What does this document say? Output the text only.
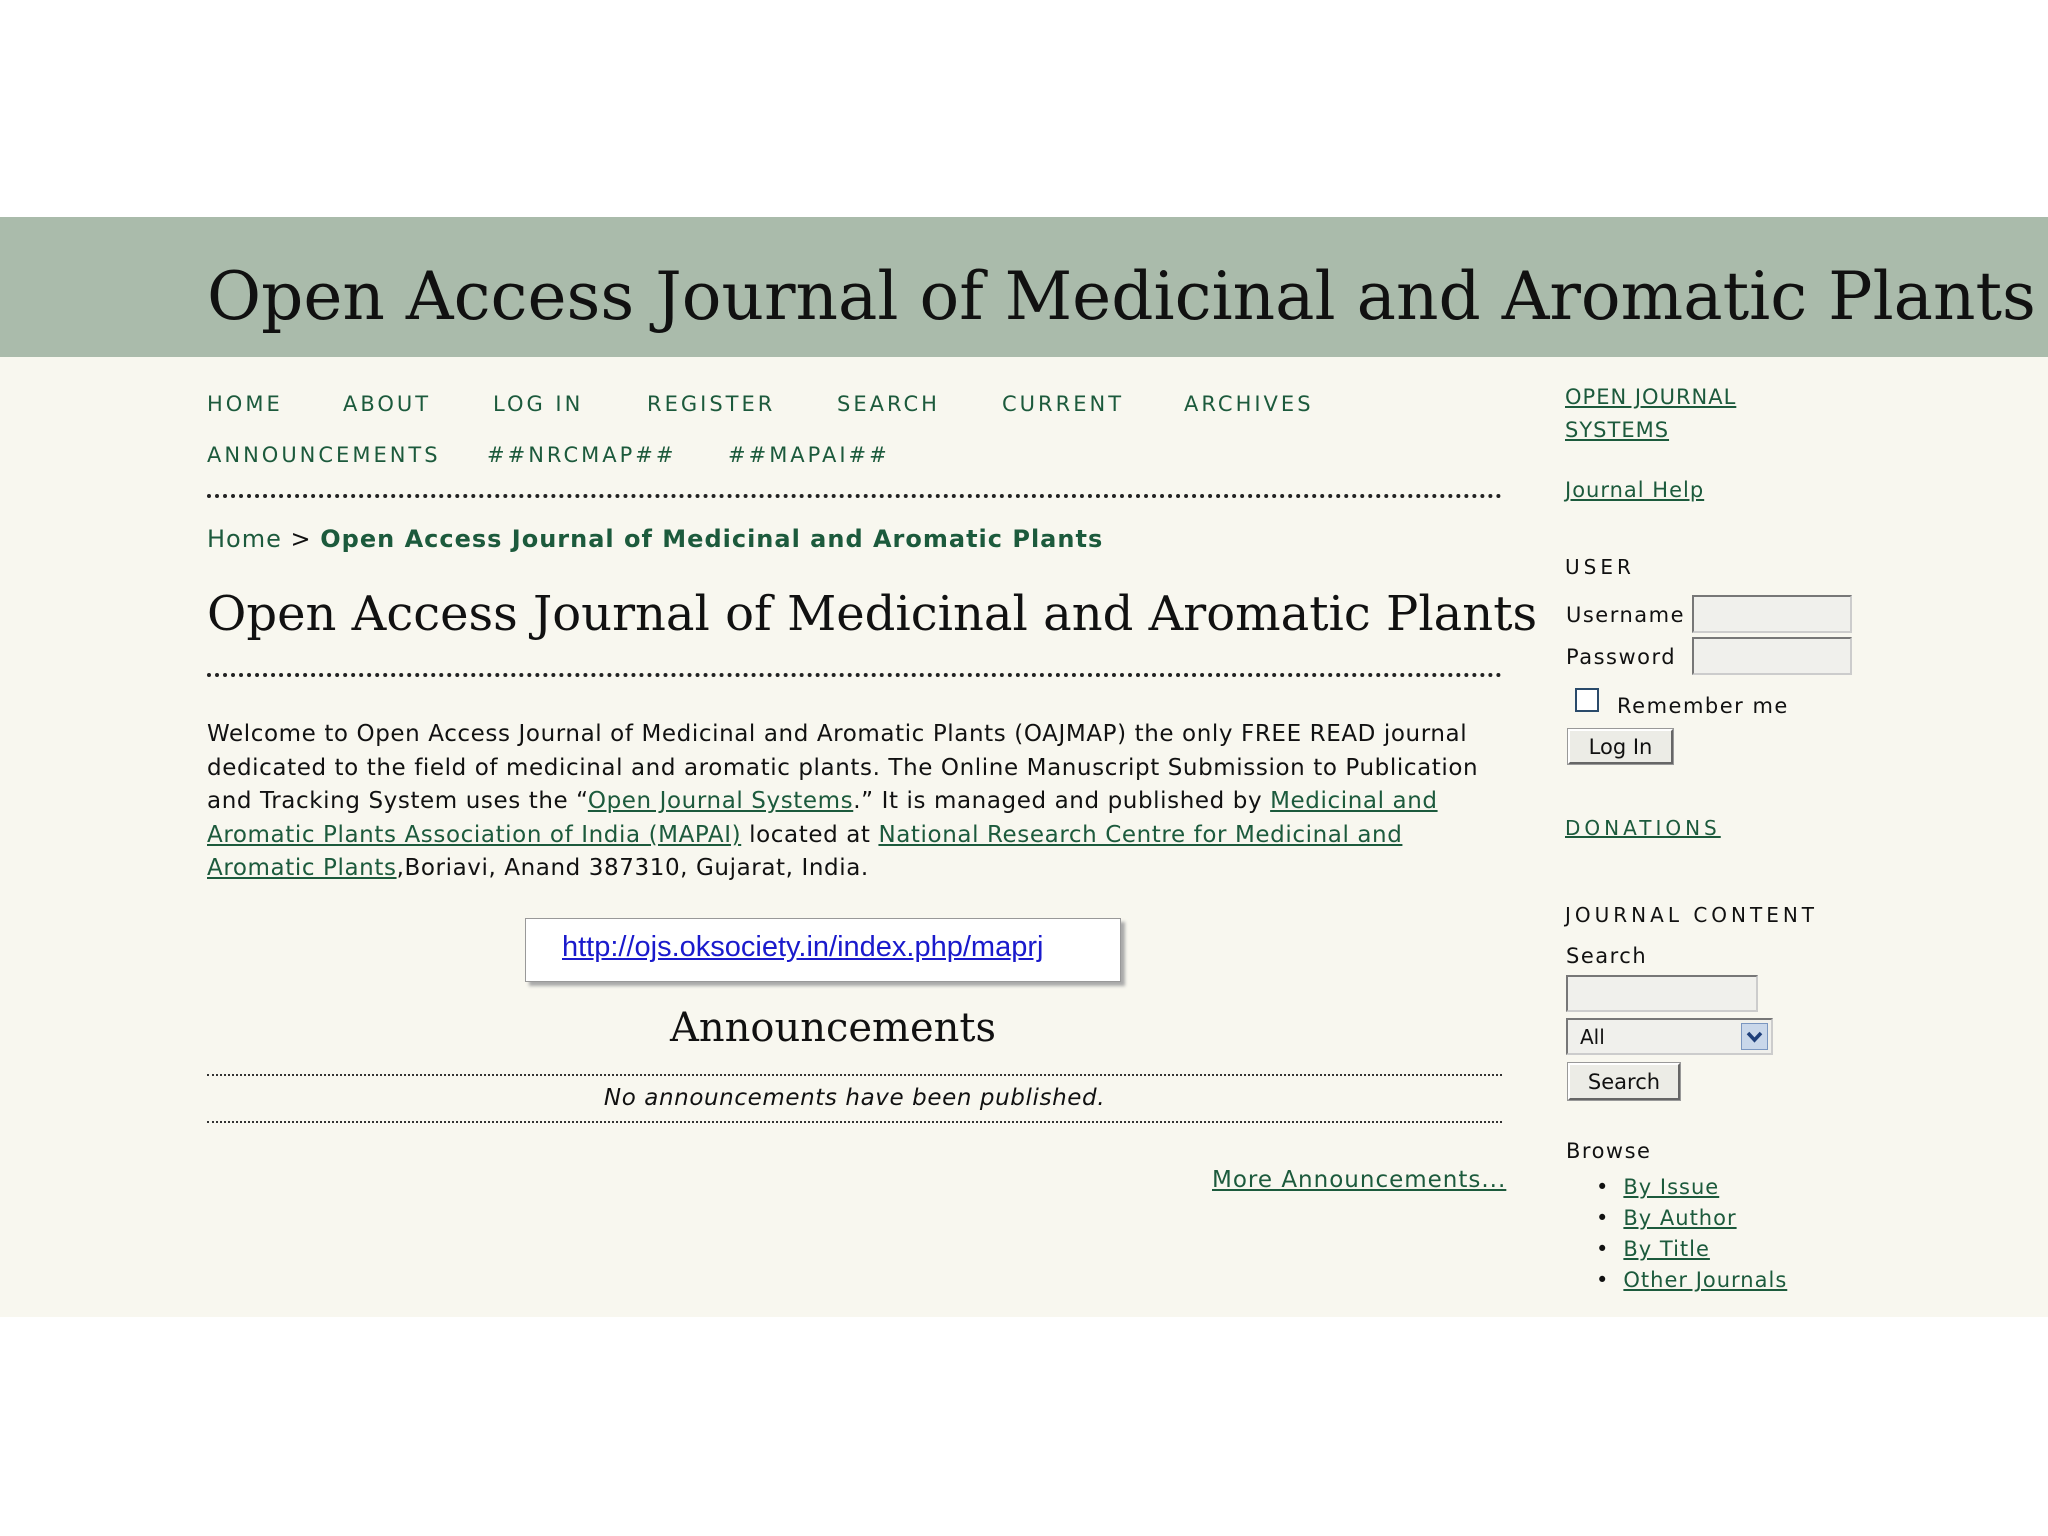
Open Access Journal of Medicinal and Aromatic Plants
HOME	ABOUT	LOG IN	REGISTER	SEARCH	CURRENT	ARCHIVES
ANNOUNCEMENTS ##NRCMAP## ##MAPAI##
Home > Open Access Journal of Medicinal and Aromatic Plants
Open Access Journal of Medicinal and Aromatic Plants
Welcome to Open Access Journal of Medicinal and Aromatic Plants (OAJMAP) the only FREE READ journal dedicated to the field of medicinal and aromatic plants. The Online Manuscript Submission to Publication and Tracking System uses the “Open Journal Systems.” It is managed and published by Medicinal and Aromatic Plants Association of India (MAPAI) located at National Research Centre for Medicinal and Aromatic Plants,Boriavi, Anand 387310, Gujarat, India.
http://ojs.oksociety.in/index.php/maprj
Announcements
No announcements have been published.
More Announcements...
OPEN JOURNAL
SYSTEMS
Journal Help
USER
Username
Password
Remember me
Log In
DONATIONS
JOURNAL CONTENT
Search
All
Search
Browse
• By Issue
• By Author
• By Title
• Other Journals
